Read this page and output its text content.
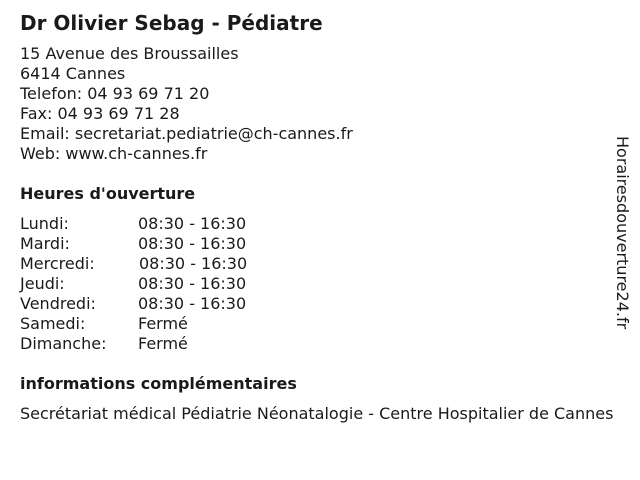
Dr Olivier Sebag - Pédiatre
15 Avenue des Broussailles
6414 Cannes
Telefon: 04 93 69 71 20
Fax: 04 93 69 71 28
Email: secretariat.pediatrie@ch-cannes.fr
Web: www.ch-cannes.fr
Heures d'ouverture
Lundi:	08:30 - 16:30
Mardi:	08:30 - 16:30
Mercredi:	08:30 - 16:30
Jeudi:	08:30 - 16:30
Vendredi:	08:30 - 16:30
Samedi:	Fermé
Dimanche: Fermé
informations complémentaires
Secrétariat médical Pédiatrie Néonatalogie - Centre Hospitalier de Cannes
Horairesdouverture24.fr
